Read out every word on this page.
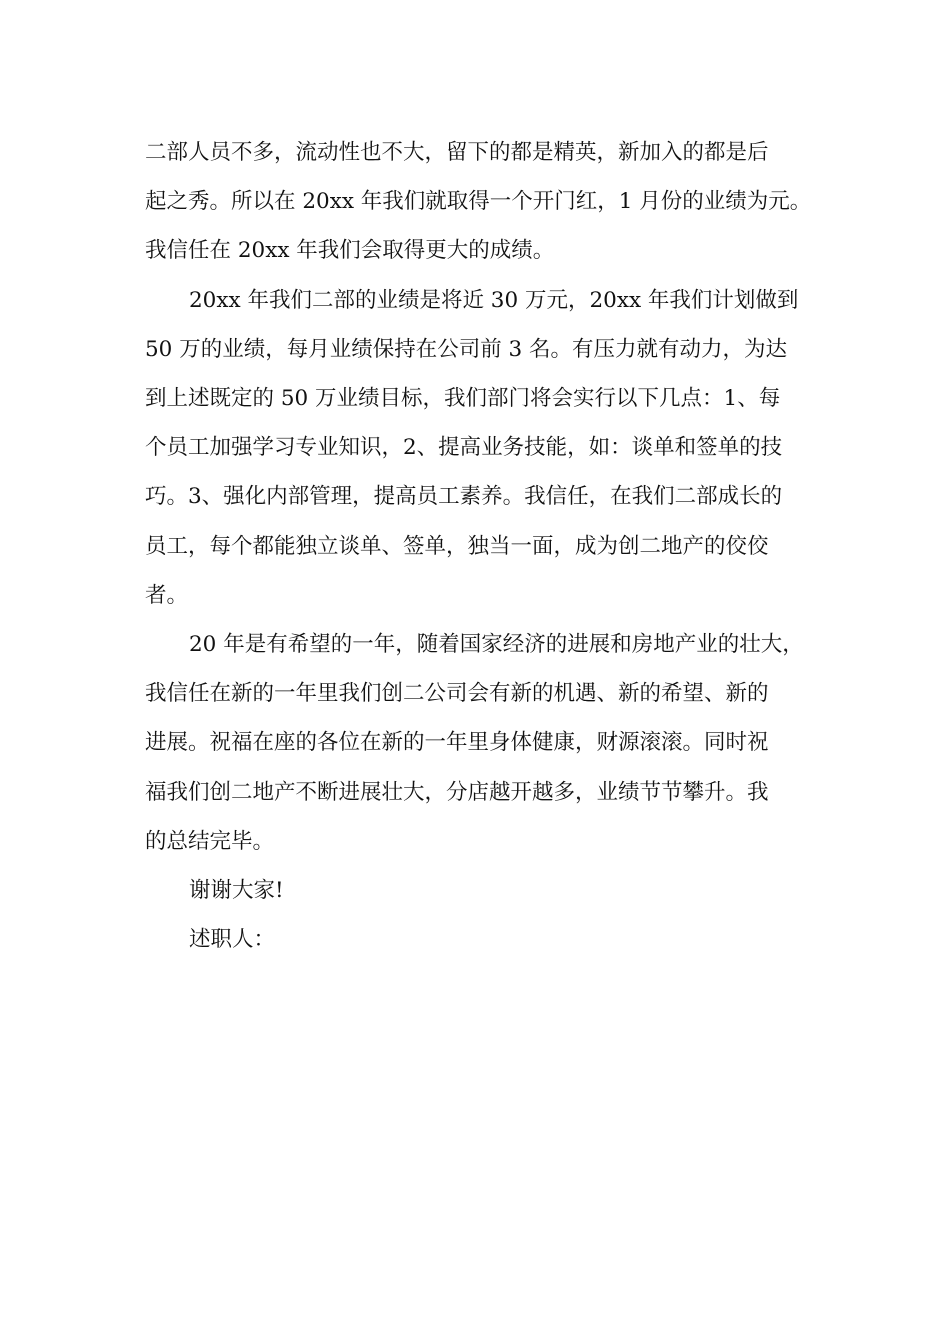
二部人员不多，流动性也不大，留下的都是精英，新加入的都是后
起之秀。所以在 20xx 年我们就取得一个开门红，1 月份的业绩为元。
我信任在 20xx 年我们会取得更大的成绩。

20xx 年我们二部的业绩是将近 30 万元，20xx 年我们计划做到
50 万的业绩，每月业绩保持在公司前 3 名。有压力就有动力，为达
到上述既定的 50 万业绩目标，我们部门将会实行以下几点：1、每
个员工加强学习专业知识，2、提高业务技能，如：谈单和签单的技
巧。3、强化内部管理，提高员工素养。我信任，在我们二部成长的
员工，每个都能独立谈单、签单，独当一面，成为创二地产的佼佼
者。

20 年是有希望的一年，随着国家经济的进展和房地产业的壮大，
我信任在新的一年里我们创二公司会有新的机遇、新的希望、新的
进展。祝福在座的各位在新的一年里身体健康，财源滚滚。同时祝
福我们创二地产不断进展壮大，分店越开越多，业绩节节攀升。我
的总结完毕。

谢谢大家!

述职人：
